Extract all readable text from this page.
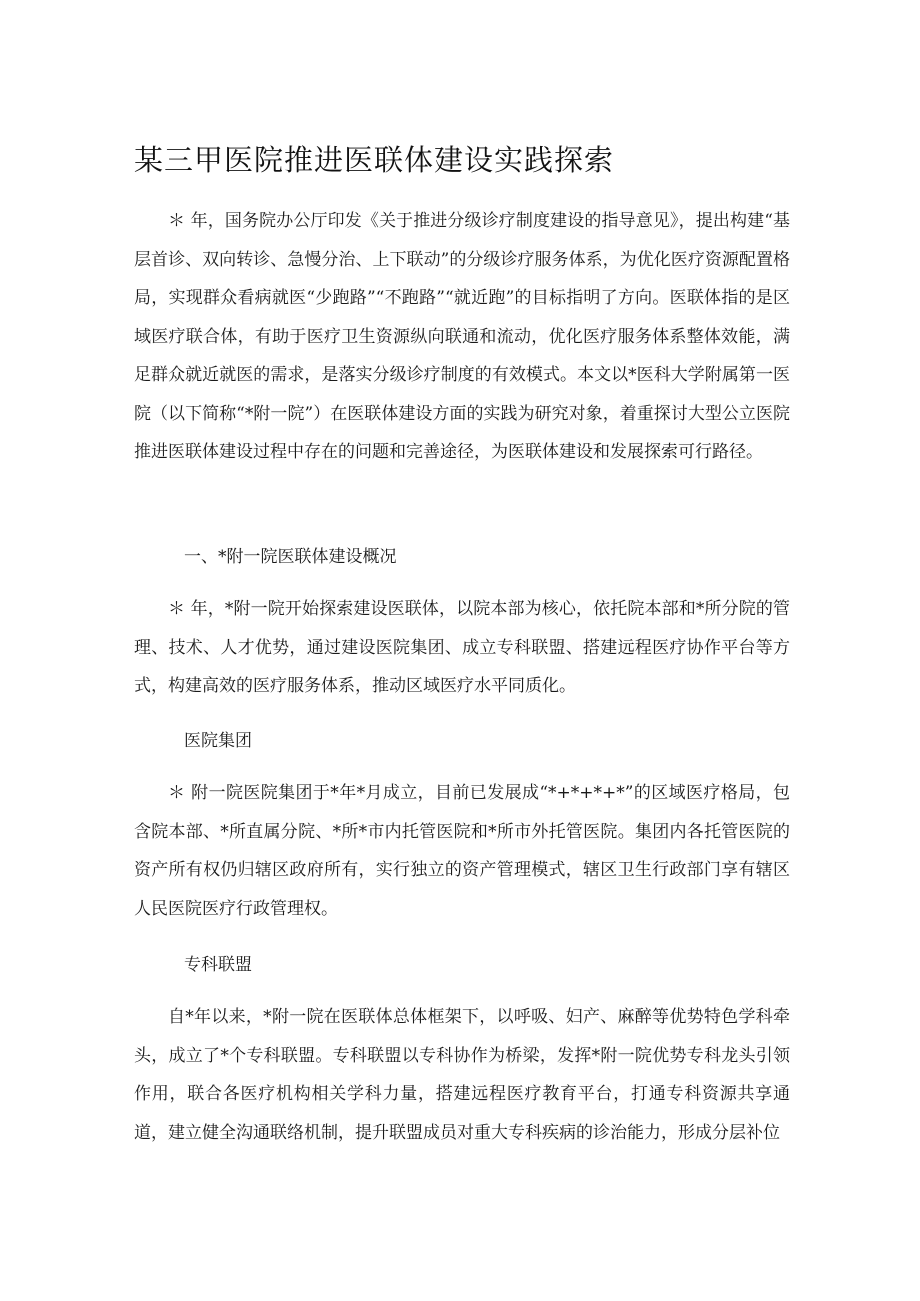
某三甲医院推进医联体建设实践探索

＊ 年，国务院办公厅印发《关于推进分级诊疗制度建设的指导意见》，提出构建“基层首诊、双向转诊、急慢分治、上下联动”的分级诊疗服务体系，为优化医疗资源配置格局，实现群众看病就医“少跑路”“不跑路”“就近跑”的目标指明了方向。医联体指的是区域医疗联合体，有助于医疗卫生资源纵向联通和流动，优化医疗服务体系整体效能，满足群众就近就医的需求，是落实分级诊疗制度的有效模式。本文以*医科大学附属第一医院（以下简称“*附一院”）在医联体建设方面的实践为研究对象，着重探讨大型公立医院推进医联体建设过程中存在的问题和完善途径，为医联体建设和发展探索可行路径。

一、*附一院医联体建设概况

＊ 年，*附一院开始探索建设医联体，以院本部为核心，依托院本部和*所分院的管理、技术、人才优势，通过建设医院集团、成立专科联盟、搭建远程医疗协作平台等方式，构建高效的医疗服务体系，推动区域医疗水平同质化。

医院集团

＊ 附一院医院集团于*年*月成立，目前已发展成“*+*+*+*”的区域医疗格局，包含院本部、*所直属分院、*所*市内托管医院和*所市外托管医院。集团内各托管医院的资产所有权仍归辖区政府所有，实行独立的资产管理模式，辖区卫生行政部门享有辖区人民医院医疗行政管理权。

专科联盟

自*年以来，*附一院在医联体总体框架下，以呼吸、妇产、麻醉等优势特色学科牵头，成立了*个专科联盟。专科联盟以专科协作为桥梁，发挥*附一院优势专科龙头引领作用，联合各医疗机构相关学科力量，搭建远程医疗教育平台，打通专科资源共享通道，建立健全沟通联络机制，提升联盟成员对重大专科疾病的诊治能力，形成分层补位
